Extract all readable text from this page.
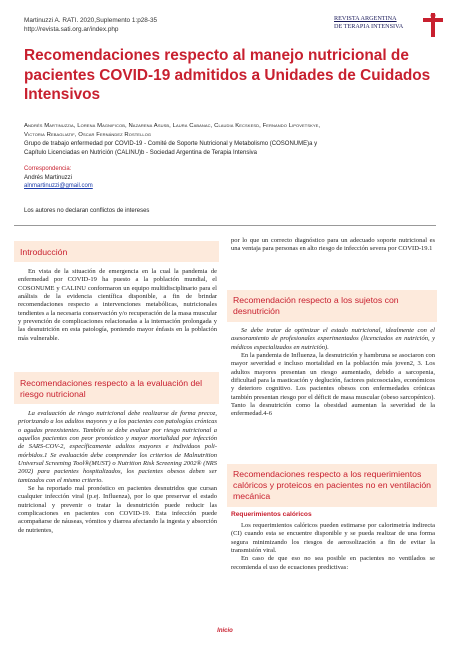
Martinuzzi A. RATI. 2020,Suplemento 1:p28-35
http://revista.sati.org.ar/index.php
REVISTA ARGENTINA
DE TERAPIA INTENSIVA
Recomendaciones respecto al manejo nutricional de pacientes COVID-19 admitidos a Unidades de Cuidados Intensivos
Andrés Martinuzzia, Lorena Magnificob, Nazarena Asusb, Laura Cabanac, Claudia Kecskesd, Fernando Lipovetskye,
Victoria Rebagliatif, Oscar Fernández Rostellog
Grupo de trabajo enfermedad por COVID-19 - Comité de Soporte Nutricional y Metabolismo (COSONUME)a y
Capítulo Licenciadas en Nutrición (CALINU)b - Sociedad Argentina de Terapia Intensiva
Correspondencia:
Andrés Martinuzzi
alnmartinuzzi@gmail.com
Los autores no declaran conflictos de intereses
Introducción

En vista de la situación de emergencia en la cual la pandemia de enfermedad por COVID-19 ha puesto a la población mundial, el COSONUME y CALINU conformaron un equipo multidisciplinario para el análisis de la evidencia científica disponible, a fin de brindar recomendaciones respecto a intervenciones metabólicas, nutricionales tendientes a la necesaria conservación y/o recuperación de la masa muscular y prevención de complicaciones relacionadas a la internación prolongada y las desnutrición en esta patología, poniendo mayor énfasis en la población más vulnerable.

Recomendaciones respecto a la evaluación del riesgo nutricional

La evaluación de riesgo nutricional debe realizarse de forma precoz, priorizando a los adultos mayores y a los pacientes con patologías crónicas o agudas preexistentes. También se debe evaluar por riesgo nutricional a aquellos pacientes con peor pronóstico y mayor mortalidad por infección de SARS-COV-2, específicamente adultos mayores e individuos poli-mórbidos.1 Se evaluación debe comprender los criterios de Malnutrition Universal Screening Tool®(MUST) o Nutrition Risk Screening 2002® (NRS 2002) para pacientes hospitalizados, los pacientes obesos deben ser tamizados con el mismo criterio.

Se ha reportado mal pronóstico en pacientes desnutridos que cursan cualquier infección viral (p.ej. Influenza), por lo que preservar el estado nutricional y prevenir o tratar la desnutrición puede reducir las complicaciones en pacientes con COVID-19. Esta infección puede acompañarse de náuseas, vómitos y diarrea afectando la ingesta y absorción de nutrientes,

por lo que un correcto diagnóstico para un adecuado soporte nutricional es una ventaja para personas en alto riesgo de infección severa por COVID-19.1

Recomendación respecto a los sujetos con desnutrición

Se debe tratar de optimizar el estado nutricional, idealmente con el asesoramiento de profesionales experimentados (licenciados en nutrición, y médicos especializados en nutrición).

En la pandemia de Influenza, la desnutrición y hambruna se asociaron con mayor severidad e incluso mortalidad en la población más joven2, 3. Los adultos mayores presentan un riesgo aumentado, debido a sarcopenia, dificultad para la masticación y deglución, factores psicosociales, económicos y deterioro cognitivo. Los pacientes obesos con enfermedades crónicas también presentan riesgo por el déficit de masa muscular (obeso sarcopénico). Tanto la desnutrición como la obesidad aumentan la severidad de la enfermedad.4-6

Recomendaciones respecto a los requerimientos calóricos y proteicos en pacientes no en ventilación mecánica
Requerimientos calóricos

Los requerimientos calóricos pueden estimarse por calorimetría indirecta (CI) cuando esta se encuentre disponible y se pueda realizar de una forma segura minimizando los riesgos de aerosolización a fin de evitar la transmisión viral.

En caso de que eso no sea posible en pacientes no ventilados se recomienda el uso de ecuaciones predictivas:

Inicio
